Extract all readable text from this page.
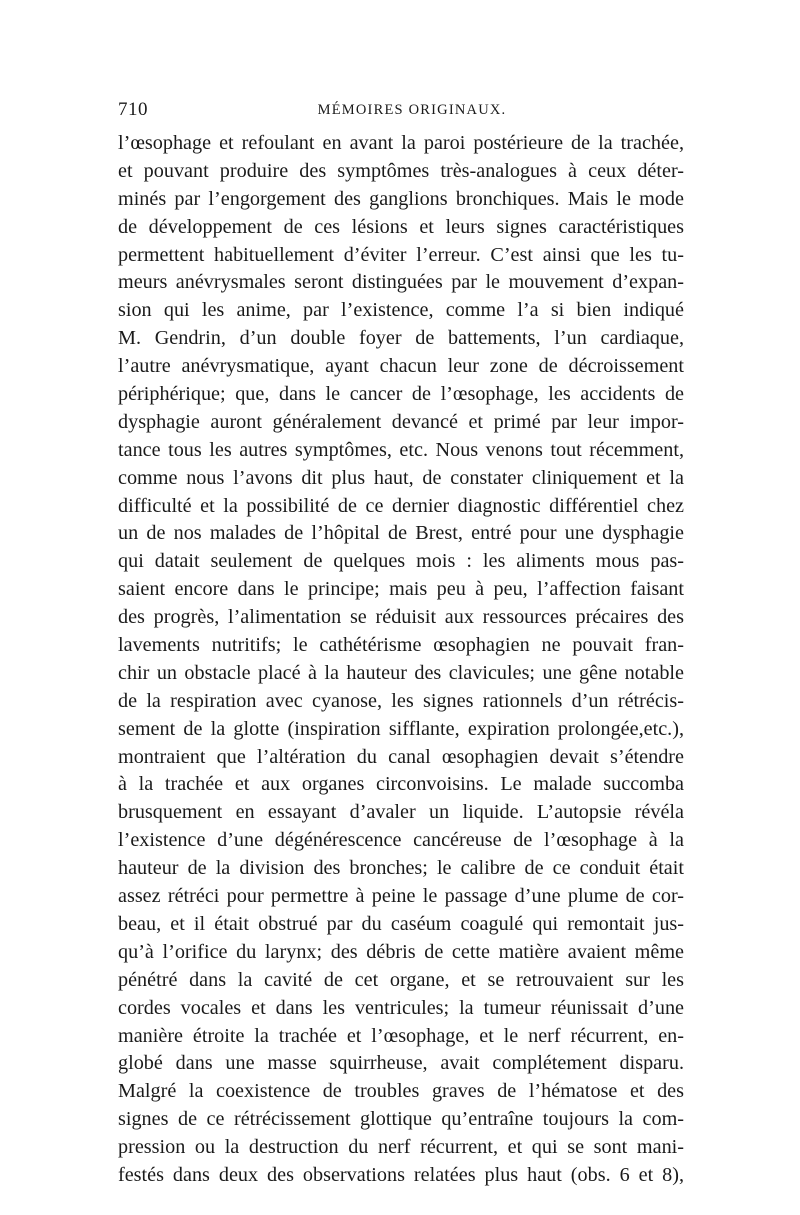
710	MÉMOIRES ORIGINAUX.
l’œsophage et refoulant en avant la paroi postérieure de la trachée,
et pouvant produire des symptômes très-analogues à ceux déter-
minés par l’engorgement des ganglions bronchiques. Mais le mode
de développement de ces lésions et leurs signes caractéristiques
permettent habituellement d’éviter l’erreur. C’est ainsi que les tu-
meurs anévrysmales seront distinguées par le mouvement d’expan-
sion qui les anime, par l’existence, comme l’a si bien indiqué
M. Gendrin, d’un double foyer de battements, l’un cardiaque,
l’autre anévrysmatique, ayant chacun leur zone de décroissement
périphérique; que, dans le cancer de l’œsophage, les accidents de
dysphagie auront généralement devancé et primé par leur impor-
tance tous les autres symptômes, etc. Nous venons tout récemment,
comme nous l’avons dit plus haut, de constater cliniquement et la
difficulté et la possibilité de ce dernier diagnostic différentiel chez
un de nos malades de l’hôpital de Brest, entré pour une dysphagie
qui datait seulement de quelques mois : les aliments mous pas-
saient encore dans le principe; mais peu à peu, l’affection faisant
des progrès, l’alimentation se réduisit aux ressources précaires des
lavements nutritifs; le cathétérisme œsophagien ne pouvait fran-
chir un obstacle placé à la hauteur des clavicules; une gêne notable
de la respiration avec cyanose, les signes rationnels d’un rétrécis-
sement de la glotte (inspiration sifflante, expiration prolongée,etc.),
montraient que l’altération du canal œsophagien devait s’étendre
à la trachée et aux organes circonvoisins. Le malade succomba
brusquement en essayant d’avaler un liquide. L’autopsie révéla
l’existence d’une dégénérescence cancéreuse de l’œsophage à la
hauteur de la division des bronches; le calibre de ce conduit était
assez rétréci pour permettre à peine le passage d’une plume de cor-
beau, et il était obstrué par du caséum coagulé qui remontait jus-
qu’à l’orifice du larynx; des débris de cette matière avaient même
pénétré dans la cavité de cet organe, et se retrouvaient sur les
cordes vocales et dans les ventricules; la tumeur réunissait d’une
manière étroite la trachée et l’œsophage, et le nerf récurrent, en-
globé dans une masse squirrheuse, avait complétement disparu.
Malgré la coexistence de troubles graves de l’hématose et des
signes de ce rétrécissement glottique qu’entraîne toujours la com-
pression ou la destruction du nerf récurrent, et qui se sont mani-
festés dans deux des observations relatées plus haut (obs. 6 et 8),
